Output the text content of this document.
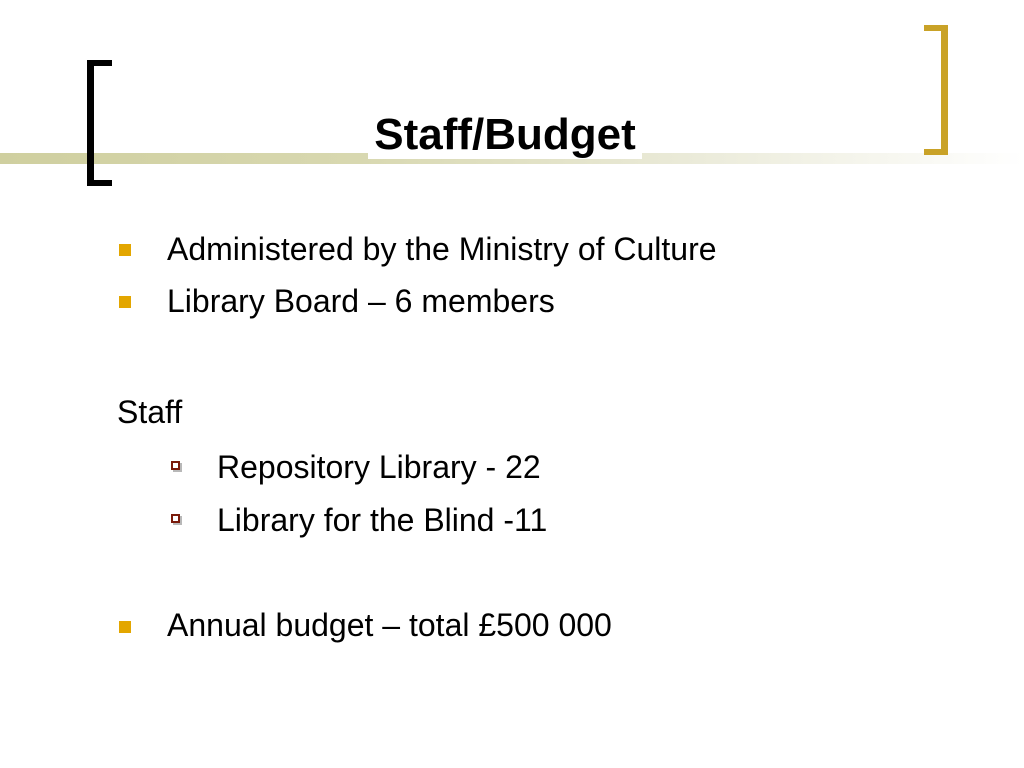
Staff/Budget
Administered by the Ministry of Culture
Library Board – 6 members
Staff
Repository Library - 22
Library for the Blind -11
Annual budget – total £500 000
